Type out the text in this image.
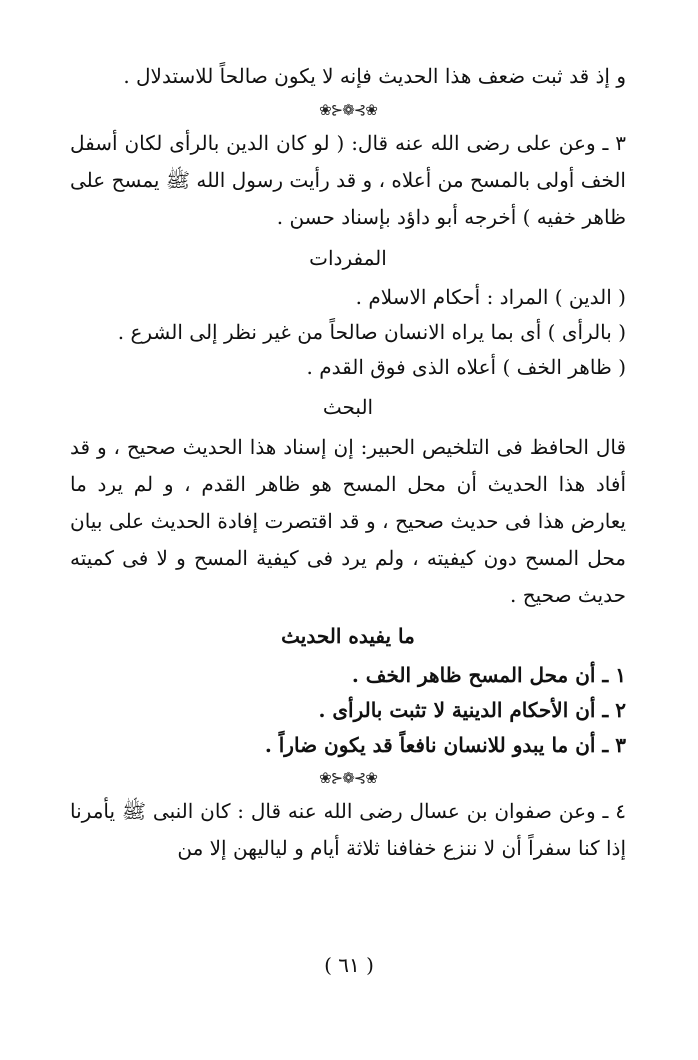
و إذ قد ثبت ضعف هذا الحديث فإنه لا يكون صالحاً للاستدلال .

❀⊱❁⊰❀

٣ ـ وعن على رضى الله عنه قال: ( لو كان الدين بالرأى لكان أسفل الخف أولى بالمسح من أعلاه ، و قد رأيت رسول الله ﷺ يمسح على ظاهر خفيه ) أخرجه أبو داؤد بإسناد حسن .

المفردات

( الدين ) المراد : أحكام الاسلام .

( بالرأى ) أى بما يراه الانسان صالحاً من غير نظر إلى الشرع .

( ظاهر الخف ) أعلاه الذى فوق القدم .

البحث

قال الحافظ فى التلخيص الحبير: إن إسناد هذا الحديث صحيح ، و قد أفاد هذا الحديث أن محل المسح هو ظاهر القدم ، و لم يرد ما يعارض هذا فى حديث صحيح ، و قد اقتصرت إفادة الحديث على بيان محل المسح دون كيفيته ، ولم يرد فى كيفية المسح و لا فى كميته حديث صحيح .

ما يفيده الحديث

١ ـ أن محل المسح ظاهر الخف .

٢ ـ أن الأحكام الدينية لا تثبت بالرأى .

٣ ـ أن ما يبدو للانسان نافعاً قد يكون ضاراً .

❀⊱❁⊰❀

٤ ـ وعن صفوان بن عسال رضى الله عنه قال : كان النبى ﷺ يأمرنا إذا كنا سفراً أن لا ننزع خفافنا ثلاثة أيام و لياليهن إلا من

( ٦١ )
